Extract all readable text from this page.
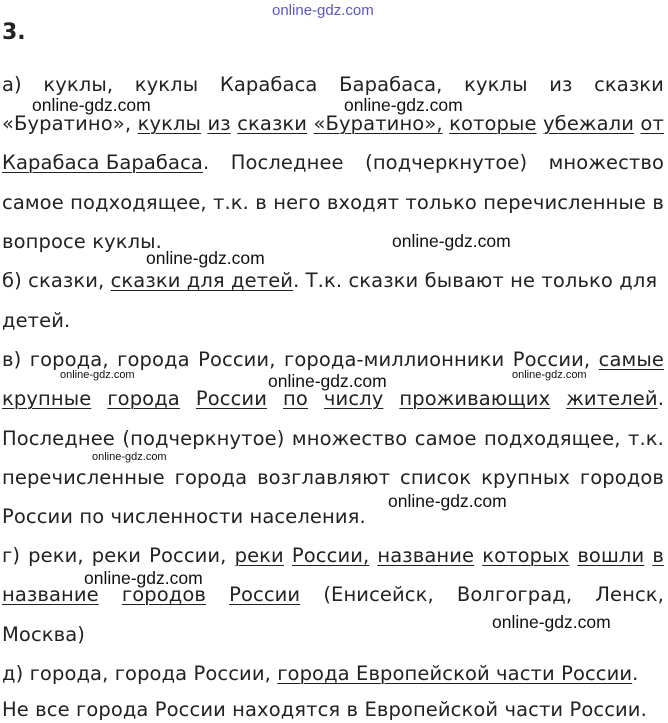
online-gdz.com
3.
а) куклы, куклы Карабаса Барабаса, куклы из сказки
online-gdz.com	online-gdz.com
«Буратино», куклы из сказки «Буратино», которые убежали от
Карабаса Барабаса. Последнее (подчеркнутое) множество
самое подходящее, т.к. в него входят только перечисленные в
вопросе куклы.
online-gdz.com
online-gdz.com
б) сказки, сказки для детей. Т.к. сказки бывают не только для
детей.
в) города, города России, города-миллионники России, самые
online-gdz.com	online-gdz.com	online-gdz.com
крупные города России по числу проживающих жителей.
Последнее (подчеркнутое) множество самое подходящее, т.к.
online-gdz.com
перечисленные города возглавляют список крупных городов
России по численности населения.
online-gdz.com
г) реки, реки России, реки России, название которых вошли в
online-gdz.com
название городов России (Енисейск, Волгоград, Ленск,
Москва)
online-gdz.com
д) города, города России, города Европейской части России.
Не все города России находятся в Европейской части России.
